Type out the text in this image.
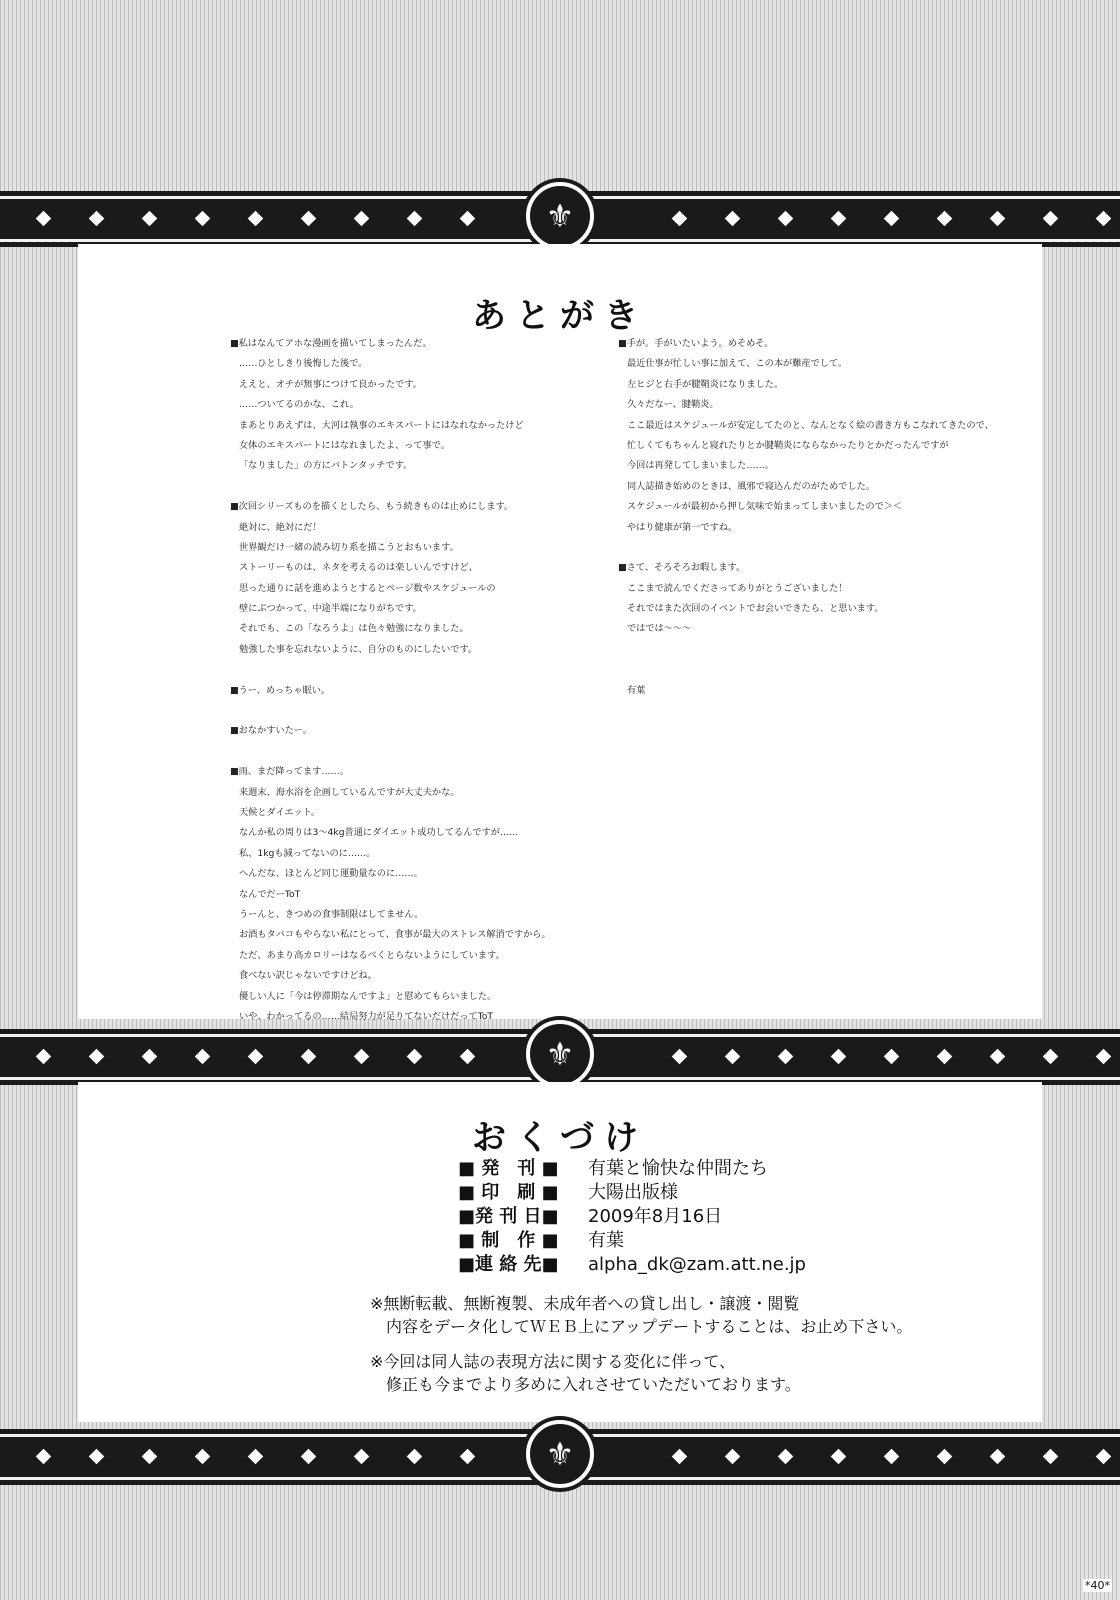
⚜
あとがき
■私はなんてアホな漫画を描いてしまったんだ。
……ひとしきり後悔した後で。
ええと、オチが無事につけて良かったです。
……ついてるのかな、これ。
まあとりあえずは、大河は執事のエキスパートにはなれなかったけど
女体のエキスパートにはなれましたよ、って事で。
「なりました」の方にバトンタッチです。
■次回シリーズものを描くとしたら、もう続きものは止めにします。
絶対に、絶対にだ！
世界観だけ一緒の読み切り系を描こうとおもいます。
ストーリーものは、ネタを考えるのは楽しいんですけど、
思った通りに話を進めようとするとページ数やスケジュールの
壁にぶつかって、中途半端になりがちです。
それでも、この「なろうよ」は色々勉強になりました。
勉強した事を忘れないように、自分のものにしたいです。
■うー、めっちゃ眠い。
■おなかすいたー。
■雨、まだ降ってます……。
来週末、海水浴を企画しているんですが大丈夫かな。
天候とダイエット。
なんか私の周りは3～4kg普通にダイエット成功してるんですが……
私、1kgも減ってないのに……。
へんだな、ほとんど同じ運動量なのに……。
なんでだーToT
うーんと、きつめの食事制限はしてません。
お酒もタバコもやらない私にとって、食事が最大のストレス解消ですから。
ただ、あまり高カロリーはなるべくとらないようにしています。
食べない訳じゃないですけどね。
優しい人に「今は停滞期なんですよ」と慰めてもらいました。
いや、わかってるの……結局努力が足りてないだけだってToT
■手が。手がいたいよう。めそめそ。
最近仕事が忙しい事に加えて、この本が難産でして。
左ヒジと右手が腱鞘炎になりました。
久々だなー、腱鞘炎。
ここ最近はスケジュールが安定してたのと、なんとなく絵の書き方もこなれてきたので、
忙しくてもちゃんと寝れたりとか腱鞘炎にならなかったりとかだったんですが
今回は再発してしまいました……。
同人誌描き始めのときは、風邪で寝込んだのがためでした。
スケジュールが最初から押し気味で始まってしまいましたので＞＜
やはり健康が第一ですね。
■さて、そろそろお暇します。
ここまで読んでくださってありがとうございました！
それではまた次回のイベントでお会いできたら、と思います。
ではでは～～～
有葉
⚜
おくづけ
■ 発　刊 ■ 有葉と愉快な仲間たち
■ 印　刷 ■ 大陽出版様
■発 刊 日■ 2009年8月16日
■ 制　作 ■ 有葉
■連 絡 先■ alpha_dk@zam.att.ne.jp
※無断転載、無断複製、未成年者への貸し出し・譲渡・閲覧
　内容をデータ化してＷＥＢ上にアップデートすることは、お止め下さい。
※今回は同人誌の表現方法に関する変化に伴って、
　修正も今までより多めに入れさせていただいております。
⚜
*40*
